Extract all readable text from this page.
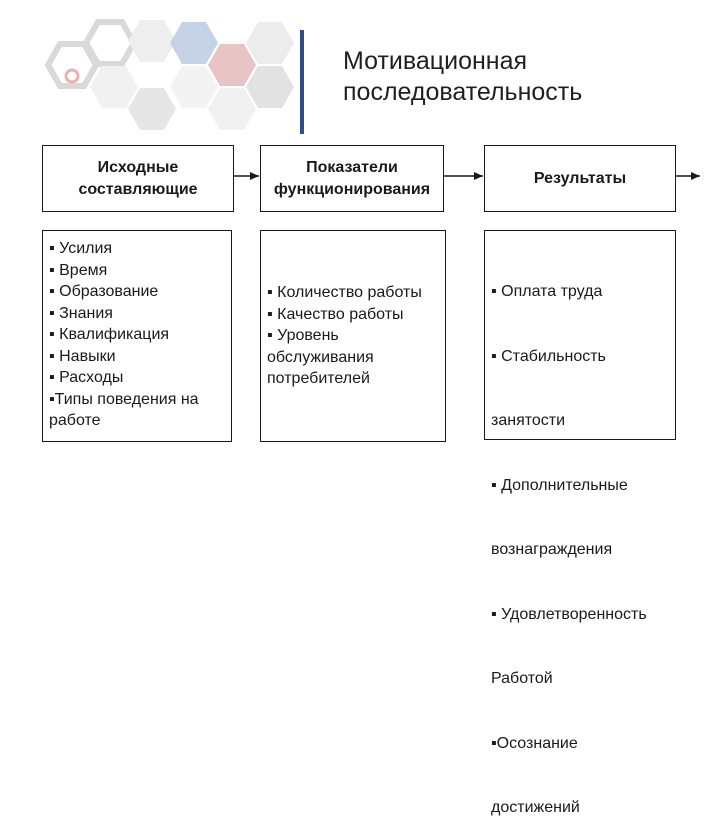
Мотивационная
последовательность
Исходные
составляющие
Показатели
функционирования
Результаты
▪ Усилия
▪ Время
▪ Образование
▪ Знания
▪ Квалификация
▪ Навыки
▪ Расходы
▪Типы поведения на
работе
▪ Количество работы
▪ Качество работы
▪ Уровень
обслуживания
потребителей

▪ Оплата труда

▪ Стабильность

занятости

▪ Дополнительные

вознаграждения

▪ Удовлетворенность

Работой

▪Осознание

достижений
